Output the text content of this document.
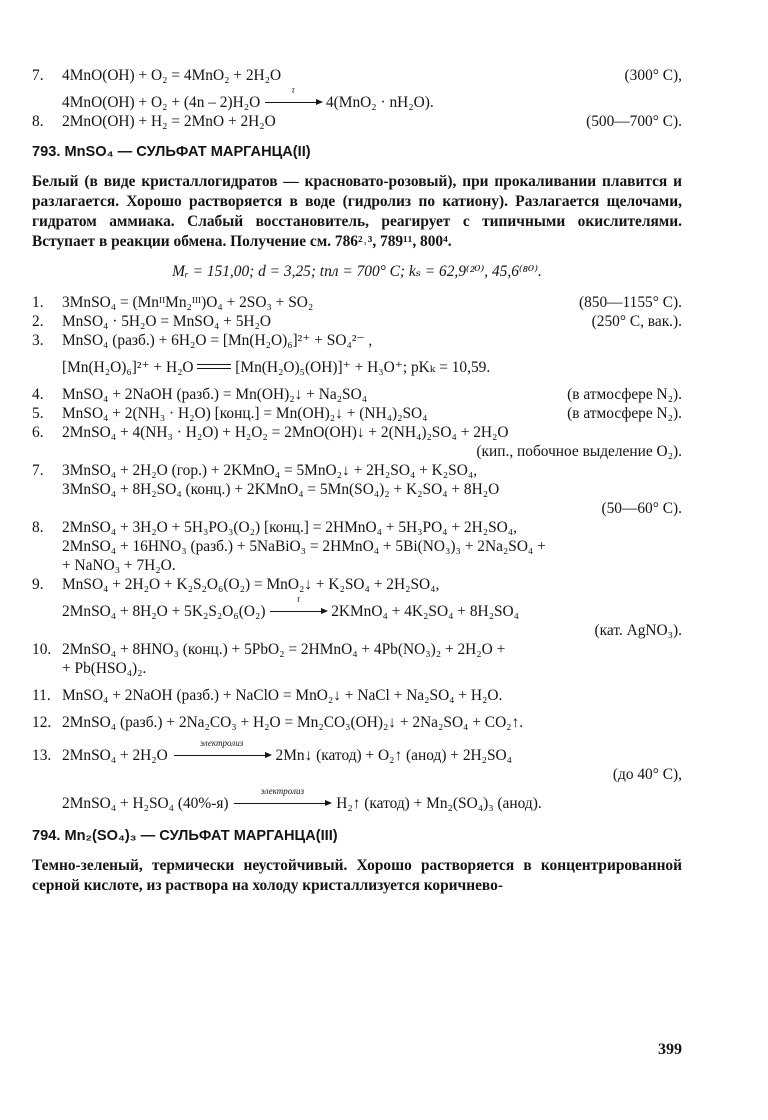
7.	4MnO(OH) + O₂ = 4MnO₂ + 2H₂O	(300° C),
4MnO(OH) + O₂ + (4n – 2)H₂O
τ
4(MnO₂ · nH₂O).
8.	2MnO(OH) + H₂ = 2MnO + 2H₂O	(500—700° C).
793. MnSO₄ — СУЛЬФАТ МАРГАНЦА(II)
Белый (в виде кристаллогидратов — красновато-розовый), при прокаливании плавится и разлагается. Хорошо растворяется в воде (гидролиз по катиону). Разлагается щелочами, гидратом аммиака. Слабый восстановитель, реагирует с типичными окислителями. Вступает в реакции обмена. Получение см. 786²˒³, 789¹¹, 800⁴.
Mᵣ = 151,00; d = 3,25; tпл = 700° C; kₛ = 62,9⁽²⁰⁾, 45,6⁽⁸⁰⁾.
1.	3MnSO₄ = (MnᴵᴵMn₂ᴵᴵᴵ)O₄ + 2SO₃ + SO₂	(850—1155° C).
2.	MnSO₄ · 5H₂O = MnSO₄ + 5H₂O	(250° C, вак.).
3.	MnSO₄ (разб.) + 6H₂O = [Mn(H₂O)₆]²⁺ + SO₄²⁻ ,
[Mn(H₂O)₆]²⁺ + H₂O	[Mn(H₂O)₅(OH)]⁺ + H₃O⁺; pKₖ = 10,59.
4.	MnSO₄ + 2NaOH (разб.) = Mn(OH)₂↓ + Na₂SO₄	(в атмосфере N₂).
5.	MnSO₄ + 2(NH₃ · H₂O) [конц.] = Mn(OH)₂↓ + (NH₄)₂SO₄	(в атмосфере N₂).
6.	2MnSO₄ + 4(NH₃ · H₂O) + H₂O₂ = 2MnO(OH)↓ + 2(NH₄)₂SO₄ + 2H₂O
(кип., побочное выделение O₂).
7.	3MnSO₄ + 2H₂O (гор.) + 2KMnO₄ = 5MnO₂↓ + 2H₂SO₄ + K₂SO₄,
3MnSO₄ + 8H₂SO₄ (конц.) + 2KMnO₄ = 5Mn(SO₄)₂ + K₂SO₄ + 8H₂O
(50—60° C).
8.	2MnSO₄ + 3H₂O + 5H₃PO₃(O₂) [конц.] = 2HMnO₄ + 5H₃PO₄ + 2H₂SO₄,
2MnSO₄ + 16HNO₃ (разб.) + 5NaBiO₃ = 2HMnO₄ + 5Bi(NO₃)₃ + 2Na₂SO₄ +
+ NaNO₃ + 7H₂O.
9.	MnSO₄ + 2H₂O + K₂S₂O₆(O₂) = MnO₂↓ + K₂SO₄ + 2H₂SO₄,
2MnSO₄ + 8H₂O + 5K₂S₂O₆(O₂)
τ
2KMnO₄ + 4K₂SO₄ + 8H₂SO₄
(кат. AgNO₃).
10. 2MnSO₄ + 8HNO₃ (конц.) + 5PbO₂ = 2HMnO₄ + 4Pb(NO₃)₂ + 2H₂O +
+ Pb(HSO₄)₂.
11. MnSO₄ + 2NaOH (разб.) + NaClO = MnO₂↓ + NaCl + Na₂SO₄ + H₂O.
12. 2MnSO₄ (разб.) + 2Na₂CO₃ + H₂O = Mn₂CO₃(OH)₂↓ + 2Na₂SO₄ + CO₂↑.
13. 2MnSO₄ + 2H₂O
электролиз
2Mn↓ (катод) + O₂↑ (анод) + 2H₂SO₄
(до 40° C),
2MnSO₄ + H₂SO₄ (40%-я)
электролиз
H₂↑ (катод) + Mn₂(SO₄)₃ (анод).
794. Mn₂(SO₄)₃ — СУЛЬФАТ МАРГАНЦА(III)
Темно-зеленый, термически неустойчивый. Хорошо растворяется в концентрированной серной кислоте, из раствора на холоду кристаллизуется коричнево-
399
